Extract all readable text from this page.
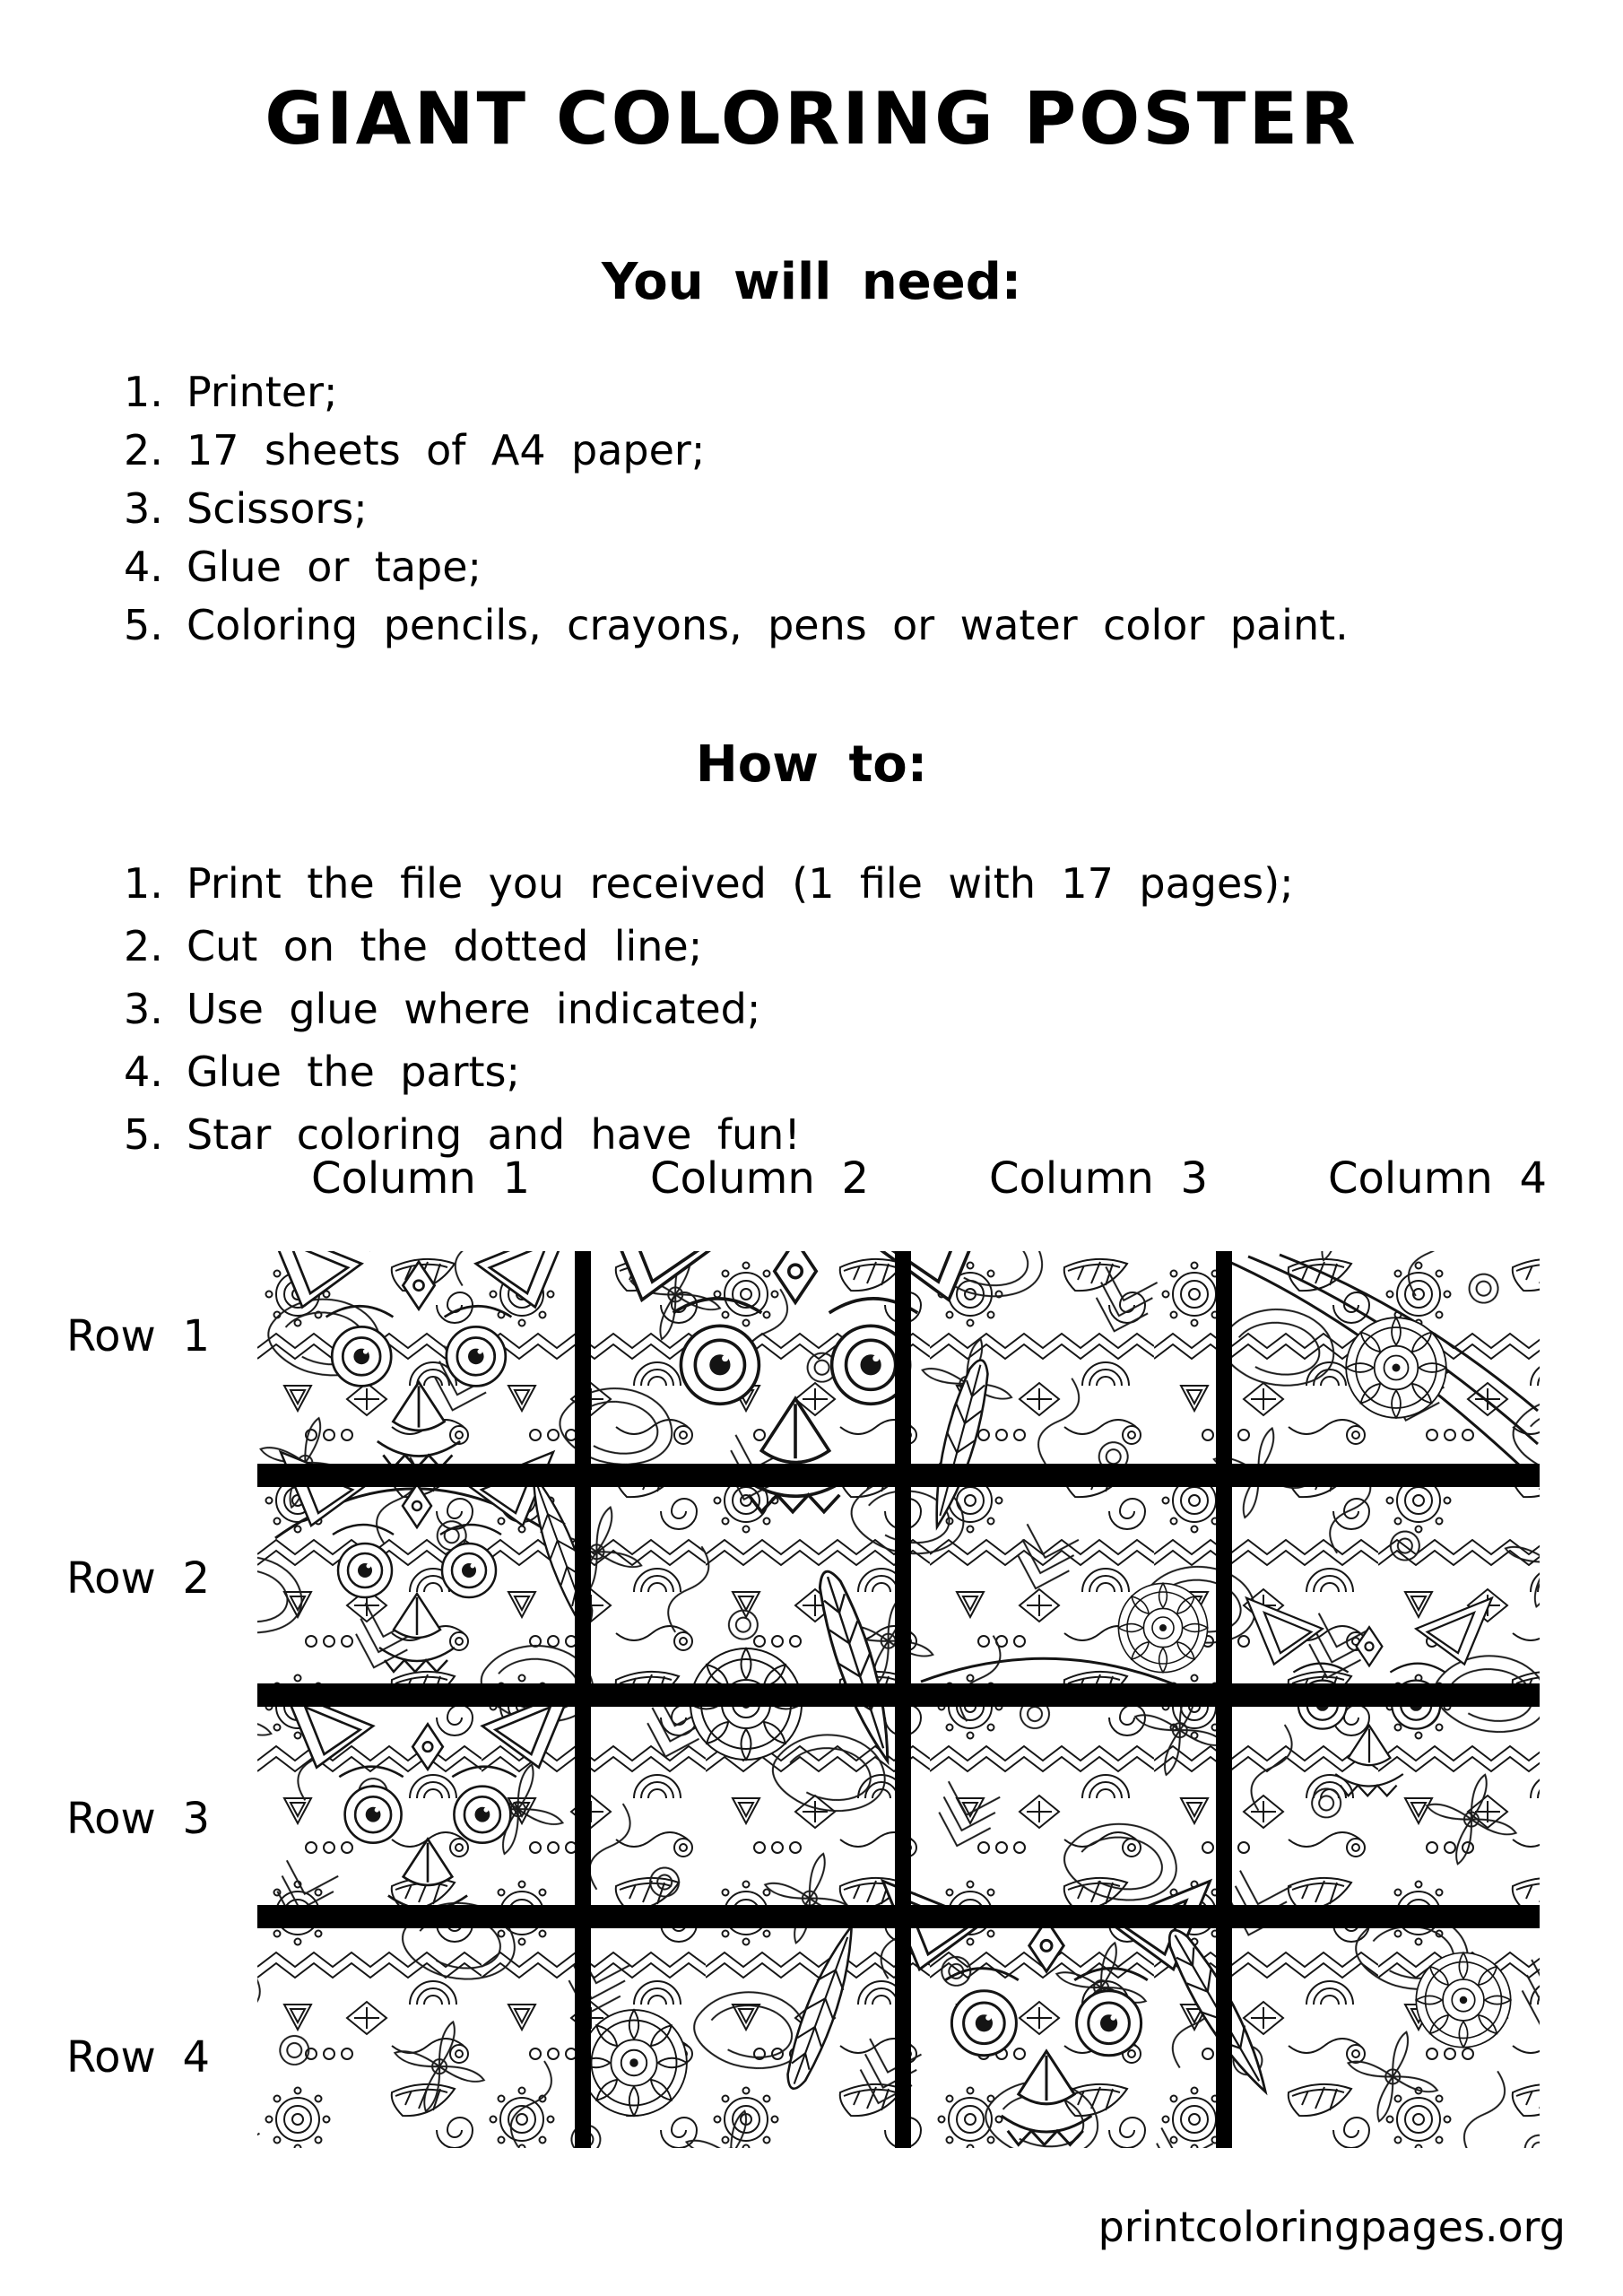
GIANT COLORING POSTER
You will need:
1. Printer;
2. 17 sheets of A4 paper;
3. Scissors;
4. Glue or tape;
5. Coloring pencils, crayons, pens or water color paint.
How to:
1. Print the file you received (1 file with 17 pages);
2. Cut on the dotted line;
3. Use glue where indicated;
4. Glue the parts;
5. Star coloring and have fun!
Column 1	Column 2	Column 3	Column 4
Row 1
Row 2
Row 3
Row 4
printcoloringpages.org
